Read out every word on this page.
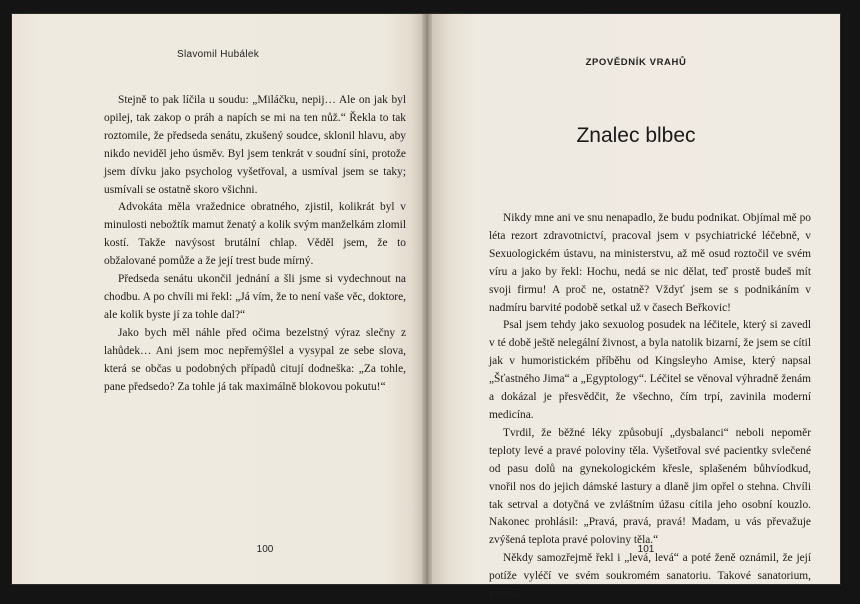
Slavomil Hubálek

Stejně to pak líčila u soudu: „Miláčku, nepij… Ale on jak byl opilej, tak zakop o práh a napích se mi na ten nůž.“ Řekla to tak roztomile, že předseda senátu, zkušený soudce, sklonil hlavu, aby nikdo neviděl jeho úsměv. Byl jsem tenkrát v soudní síni, protože jsem dívku jako psycholog vyšetřoval, a usmíval jsem se taky; usmívali se ostatně skoro všichni.

Advokáta měla vražednice obratného, zjistil, kolikrát byl v minulosti nebožtík mamut ženatý a kolik svým manželkám zlomil kostí. Takže navýsost brutální chlap. Věděl jsem, že to obžalované pomůže a že její trest bude mírný.

Předseda senátu ukončil jednání a šli jsme si vydechnout na chodbu. A po chvíli mi řekl: „Já vím, že to není vaše věc, doktore, ale kolik byste jí za tohle dal?“

Jako bych měl náhle před očima bezelstný výraz slečny z lahůdek… Ani jsem moc nepřemýšlel a vysypal ze sebe slova, která se občas u podobných případů citují dodneška: „Za tohle, pane předsedo? Za tohle já tak maximálně blokovou pokutu!“

100
ZPOVĚDNÍK VRAHŮ
Znalec blbec

Nikdy mne ani ve snu nenapadlo, že budu podnikat. Objímal mě po léta rezort zdravotnictví, pracoval jsem v psychiatrické léčebně, v Sexuologickém ústavu, na ministerstvu, až mě osud roztočil ve svém víru a jako by řekl: Hochu, nedá se nic dělat, teď prostě budeš mít svoji firmu! A proč ne, ostatně? Vždyť jsem se s podnikáním v nadmíru barvité podobě setkal už v časech Beřkovic!

Psal jsem tehdy jako sexuolog posudek na léčitele, který si zavedl v té době ještě nelegální živnost, a byla natolik bizarní, že jsem se cítil jak v humoristickém příběhu od Kingsleyho Amise, který napsal „Šťastného Jima“ a „Egyptology“. Léčitel se věnoval výhradně ženám a dokázal je přesvědčit, že všechno, čím trpí, zavinila moderní medicína.

Tvrdil, že běžné léky způsobují „dysbalanci“ neboli nepoměr teploty levé a pravé poloviny těla. Vyšetřoval své pacientky svlečené od pasu dolů na gynekologickém křesle, splašeném bůhvíodkud, vnořil nos do jejich dámské lastury a dlaně jim opřel o stehna. Chvíli tak setrval a dotyčná ve zvláštním úžasu cítila jeho osobní kouzlo. Nakonec prohlásil: „Pravá, pravá, pravá! Madam, u vás převažuje zvýšená teplota pravé poloviny těla.“

Někdy samozřejmě řekl i „levá, levá“ a poté ženě oznámil, že její potíže vyléčí ve svém soukromém sanatoriu. Takové sanatorium, pravda,

101
